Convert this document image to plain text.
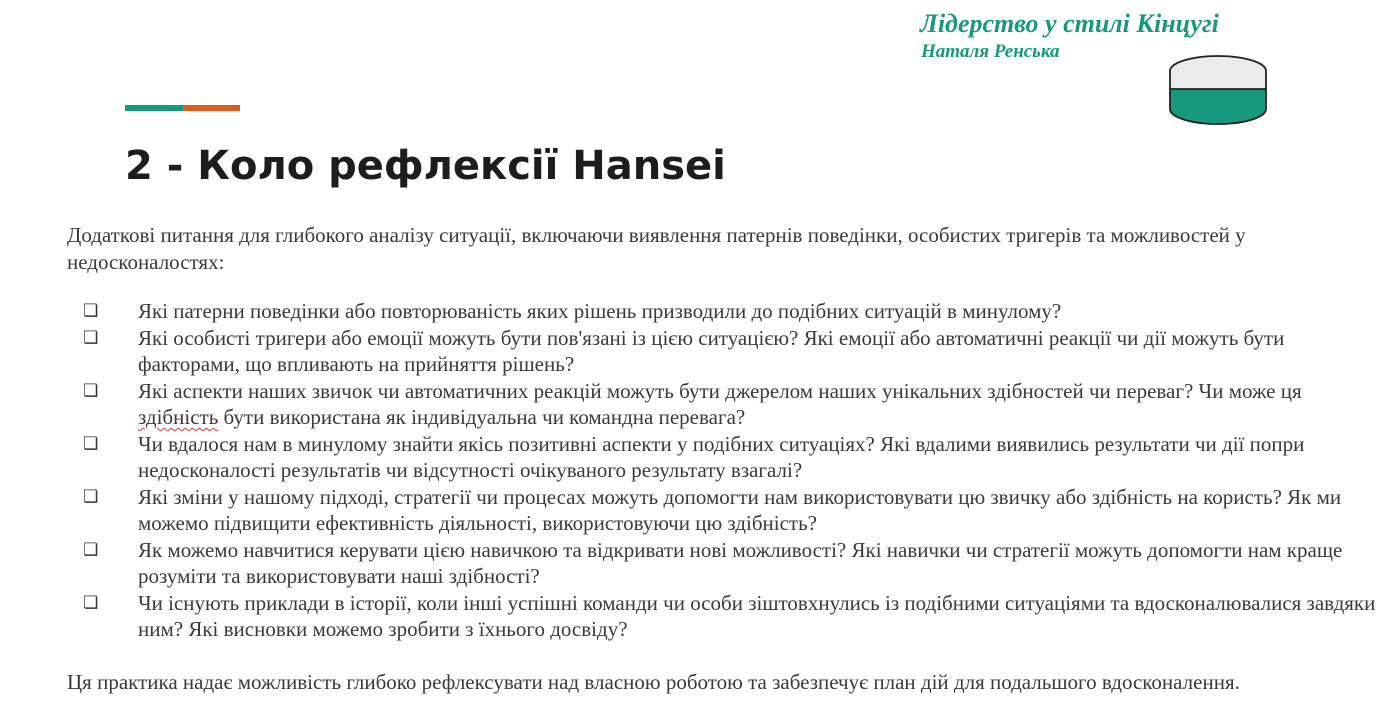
Лідерство у стилі Кінцугі
Наталя Ренська
2 - Коло рефлексії Hansei

Додаткові питання для глибокого аналізу ситуації, включаючи виявлення патернів поведінки, особистих тригерів та можливостей у недосконалостях:

❏	Які патерни поведінки або повторюваність яких рішень призводили до подібних ситуацій в минулому?
❏	Які особисті тригери або емоції можуть бути пов'язані із цією ситуацією? Які емоції або автоматичні реакції чи дії можуть бути факторами, що впливають на прийняття рішень?
❏	Які аспекти наших звичок чи автоматичних реакцій можуть бути джерелом наших унікальних здібностей чи переваг? Чи може ця здібність бути використана як індивідуальна чи командна перевага?
❏	Чи вдалося нам в минулому знайти якісь позитивні аспекти у подібних ситуаціях? Які вдалими виявились результати чи дії попри недосконалості результатів чи відсутності очікуваного результату взагалі?
❏	Які зміни у нашому підході, стратегії чи процесах можуть допомогти нам використовувати цю звичку або здібність на користь? Як ми можемо підвищити ефективність діяльності, використовуючи цю здібність?
❏	Як можемо навчитися керувати цією навичкою та відкривати нові можливості? Які навички чи стратегії можуть допомогти нам краще розуміти та використовувати наші здібності?
❏	Чи існують приклади в історії, коли інші успішні команди чи особи зіштовхнулись із подібними ситуаціями та вдосконалювалися завдяки ним? Які висновки можемо зробити з їхнього досвіду?

Ця практика надає можливість глибоко рефлексувати над власною роботою та забезпечує план дій для подальшого вдосконалення.
